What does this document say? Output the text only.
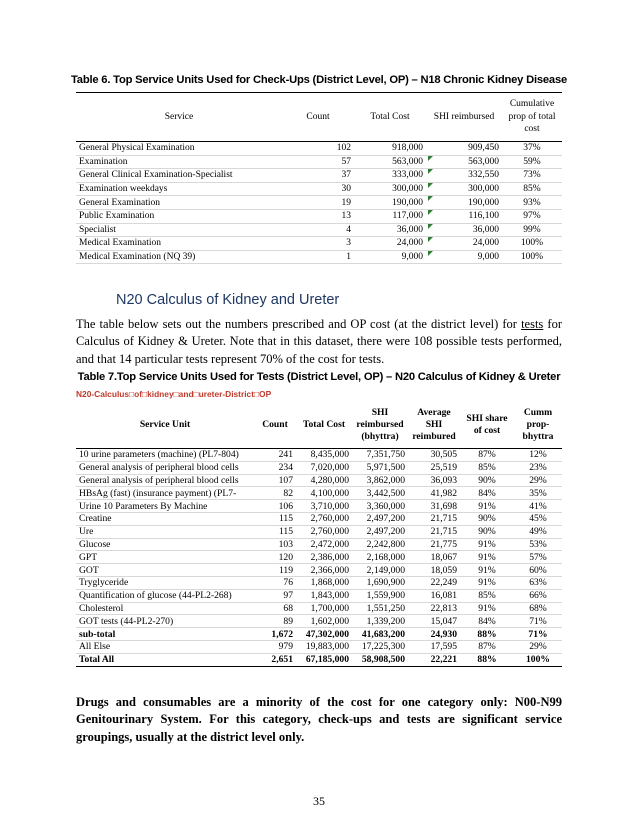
Table 6. Top Service Units Used for Check-Ups (District Level, OP) – N18 Chronic Kidney Disease
Service	Count	Total Cost	SHI reimbursed	Cumulative prop of total cost
General Physical Examination	102	918,000	909,450	37%
Examination	57	563,000	563,000	59%
General Clinical Examination-Specialist	37	333,000	332,550	73%
Examination weekdays	30	300,000	300,000	85%
General Examination	19	190,000	190,000	93%
Public Examination	13	117,000	116,100	97%
Specialist	4	36,000	36,000	99%
Medical Examination	3	24,000	24,000	100%
Medical Examination (NQ 39)	1	9,000	9,000	100%
N20 Calculus of Kidney and Ureter

The table below sets out the numbers prescribed and OP cost (at the district level) for tests for Calculus of Kidney & Ureter. Note that in this dataset, there were 108 possible tests performed, and that 14 particular tests represent 70% of the cost for tests.

Table 7.Top Service Units Used for Tests (District Level, OP) – N20 Calculus of Kidney & Ureter
N20-Calculus□of□kidney□and□ureter-District□OP
Service Unit	Count	Total Cost	SHI reimbursed (bhyttra)	Average SHI reimbured	SHI share of cost	Cumm prop-bhyttra
10 urine parameters (machine) (PL7-804)	241	8,435,000	7,351,750	30,505	87%	12%
General analysis of peripheral blood cells	234	7,020,000	5,971,500	25,519	85%	23%
General analysis of peripheral blood cells	107	4,280,000	3,862,000	36,093	90%	29%
HBsAg (fast) (insurance payment) (PL7-	82	4,100,000	3,442,500	41,982	84%	35%
Urine 10 Parameters By Machine	106	3,710,000	3,360,000	31,698	91%	41%
Creatine	115	2,760,000	2,497,200	21,715	90%	45%
Ure	115	2,760,000	2,497,200	21,715	90%	49%
Glucose	103	2,472,000	2,242,800	21,775	91%	53%
GPT	120	2,386,000	2,168,000	18,067	91%	57%
GOT	119	2,366,000	2,149,000	18,059	91%	60%
Tryglyceride	76	1,868,000	1,690,900	22,249	91%	63%
Quantification of glucose (44-PL2-268)	97	1,843,000	1,559,900	16,081	85%	66%
Cholesterol	68	1,700,000	1,551,250	22,813	91%	68%
GOT tests (44-PL2-270)	89	1,602,000	1,339,200	15,047	84%	71%
sub-total	1,672	47,302,000	41,683,200	24,930	88%	71%
All Else	979	19,883,000	17,225,300	17,595	87%	29%
Total All	2,651	67,185,000	58,908,500	22,221	88%	100%

Drugs and consumables are a minority of the cost for one category only: N00-N99 Genitourinary System. For this category, check-ups and tests are significant service groupings, usually at the district level only.

35
